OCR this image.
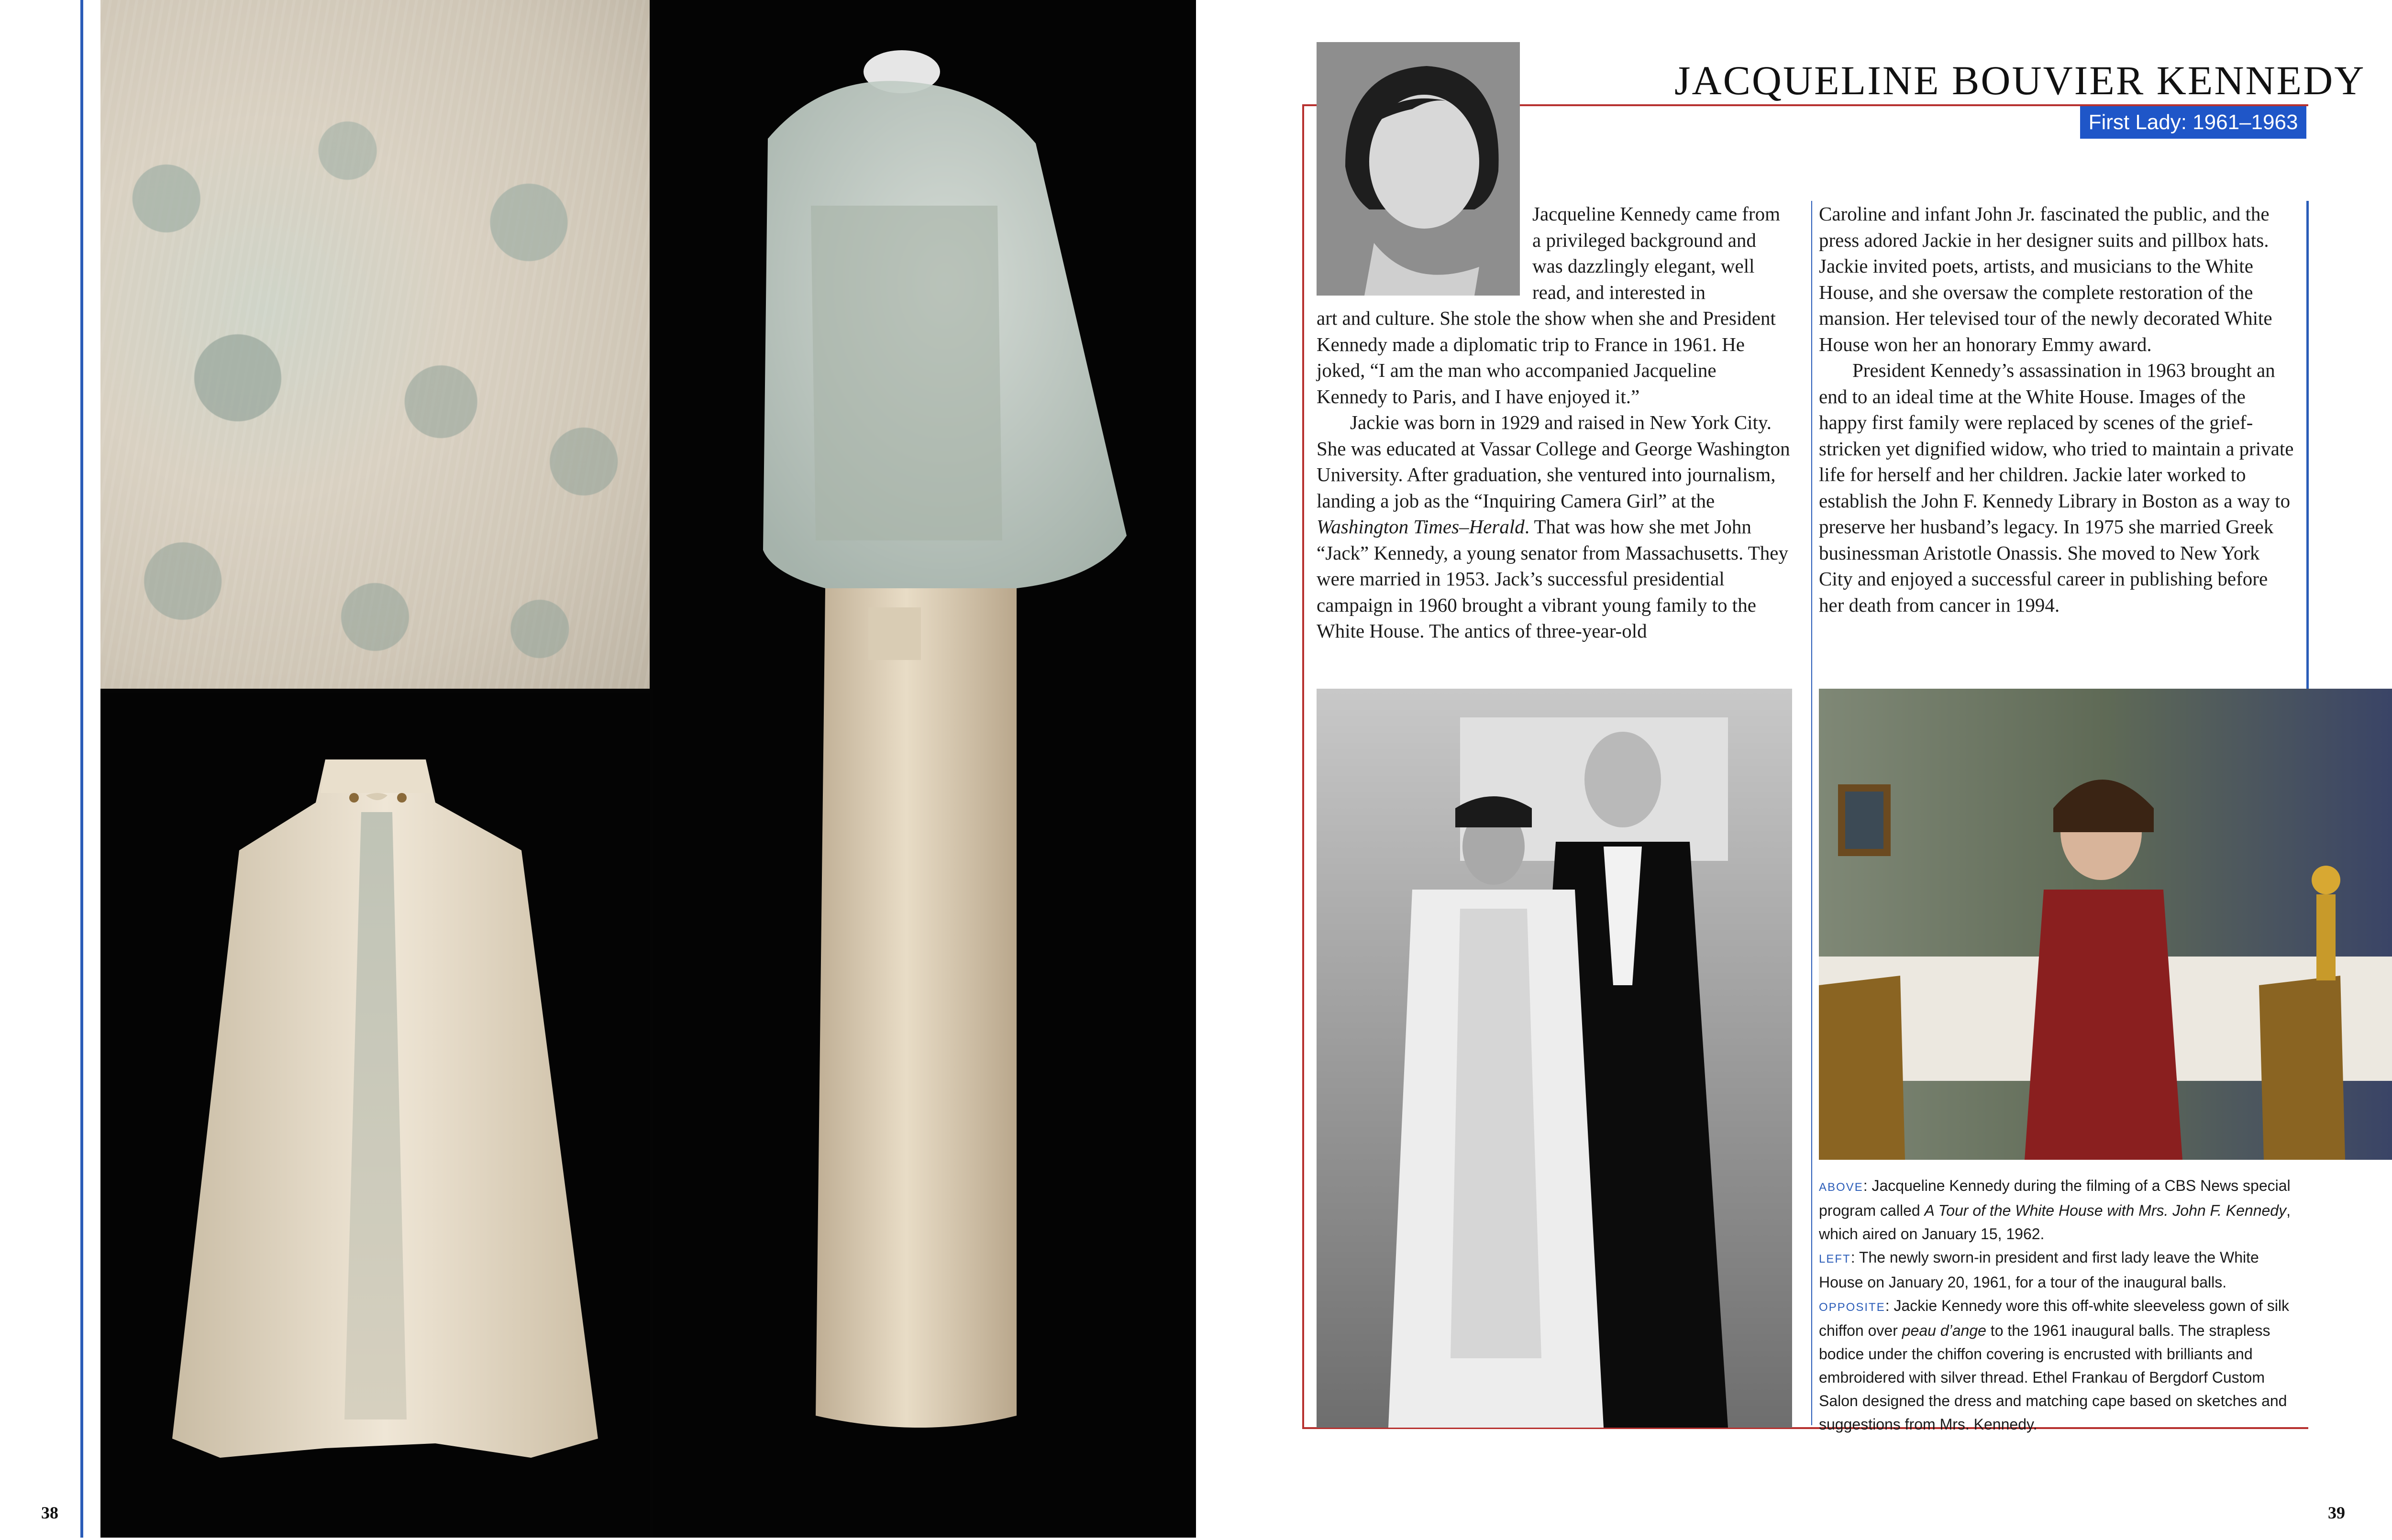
38
JACQUELINE BOUVIER KENNEDY
First Lady: 1961–1963

Jacqueline Kennedy came from a privileged background and was dazzlingly elegant, well read, and interested in

art and culture. She stole the show when she and President Kennedy made a diplomatic trip to France in 1961. He joked, “I am the man who accompanied Jacqueline Kennedy to Paris, and I have enjoyed it.”

Jackie was born in 1929 and raised in New York City. She was educated at Vassar College and George Washington University. After graduation, she ventured into journalism, landing a job as the “Inquiring Camera Girl” at the Washington Times–Herald. That was how she met John “Jack” Kennedy, a young senator from Massachusetts. They were married in 1953. Jack’s successful presidential campaign in 1960 brought a vibrant young family to the White House. The antics of three-year-old

Caroline and infant John Jr. fascinated the public, and the press adored Jackie in her designer suits and pillbox hats. Jackie invited poets, artists, and musicians to the White House, and she oversaw the complete restoration of the mansion. Her televised tour of the newly decorated White House won her an honorary Emmy award.

President Kennedy’s assassination in 1963 brought an end to an ideal time at the White House. Images of the happy first family were replaced by scenes of the grief-stricken yet dignified widow, who tried to maintain a private life for herself and her children. Jackie later worked to establish the John F. Kennedy Library in Boston as a way to preserve her husband’s legacy. In 1975 she married Greek businessman Aristotle Onassis. She moved to New York City and enjoyed a successful career in publishing before her death from cancer in 1994.

ABOVE: Jacqueline Kennedy during the filming of a CBS News special program called A Tour of the White House with Mrs. John F. Kennedy, which aired on January 15, 1962.

LEFT: The newly sworn-in president and first lady leave the White House on January 20, 1961, for a tour of the inaugural balls.

OPPOSITE: Jackie Kennedy wore this off-white sleeveless gown of silk chiffon over peau d’ange to the 1961 inaugural balls. The strapless bodice under the chiffon covering is encrusted with brilliants and embroidered with silver thread. Ethel Frankau of Bergdorf Custom Salon designed the dress and matching cape based on sketches and suggestions from Mrs. Kennedy.

39
